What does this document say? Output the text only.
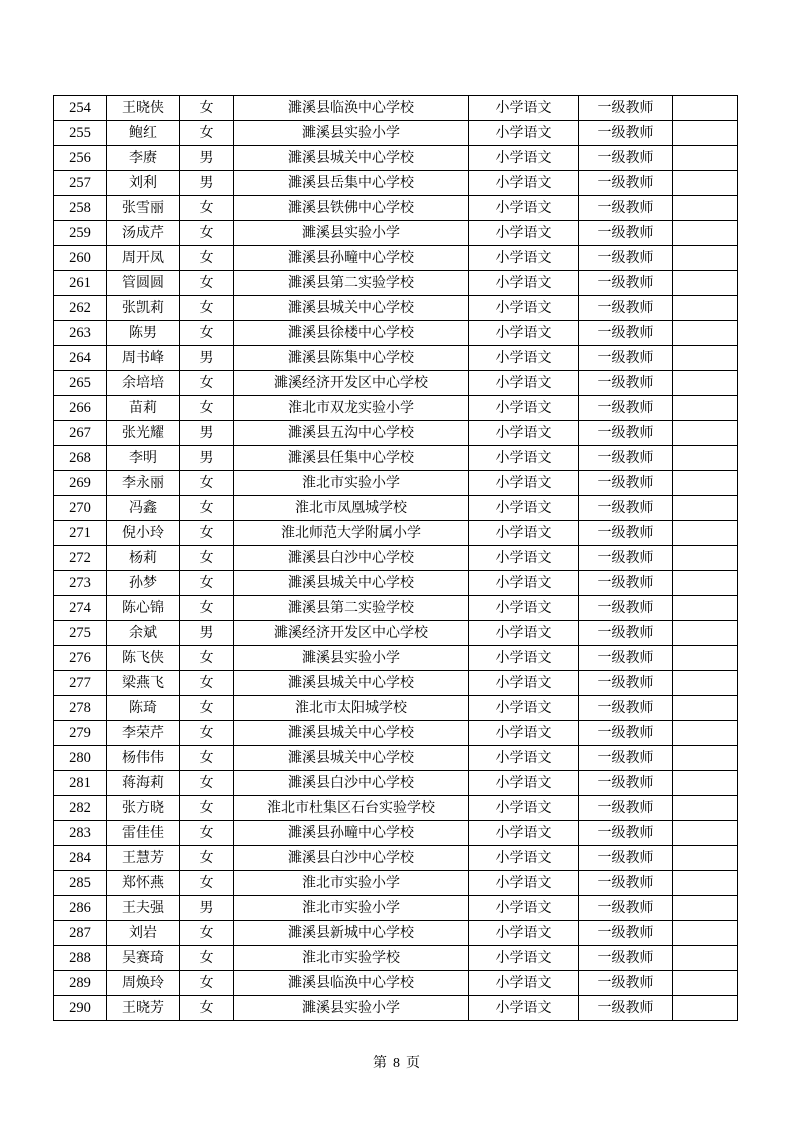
254	王晓侠	女	濉溪县临涣中心学校	小学语文	一级教师	
255	鲍红	女	濉溪县实验小学	小学语文	一级教师	
256	李赓	男	濉溪县城关中心学校	小学语文	一级教师	
257	刘利	男	濉溪县岳集中心学校	小学语文	一级教师	
258	张雪丽	女	濉溪县铁佛中心学校	小学语文	一级教师	
259	汤成芹	女	濉溪县实验小学	小学语文	一级教师	
260	周开凤	女	濉溪县孙疃中心学校	小学语文	一级教师	
261	管圆圆	女	濉溪县第二实验学校	小学语文	一级教师	
262	张凯莉	女	濉溪县城关中心学校	小学语文	一级教师	
263	陈男	女	濉溪县徐楼中心学校	小学语文	一级教师	
264	周书峰	男	濉溪县陈集中心学校	小学语文	一级教师	
265	余培培	女	濉溪经济开发区中心学校	小学语文	一级教师	
266	苗莉	女	淮北市双龙实验小学	小学语文	一级教师	
267	张光耀	男	濉溪县五沟中心学校	小学语文	一级教师	
268	李明	男	濉溪县任集中心学校	小学语文	一级教师	
269	李永丽	女	淮北市实验小学	小学语文	一级教师	
270	冯鑫	女	淮北市凤凰城学校	小学语文	一级教师	
271	倪小玲	女	淮北师范大学附属小学	小学语文	一级教师	
272	杨莉	女	濉溪县白沙中心学校	小学语文	一级教师	
273	孙梦	女	濉溪县城关中心学校	小学语文	一级教师	
274	陈心锦	女	濉溪县第二实验学校	小学语文	一级教师	
275	余斌	男	濉溪经济开发区中心学校	小学语文	一级教师	
276	陈飞侠	女	濉溪县实验小学	小学语文	一级教师	
277	梁燕飞	女	濉溪县城关中心学校	小学语文	一级教师	
278	陈琦	女	淮北市太阳城学校	小学语文	一级教师	
279	李荣芹	女	濉溪县城关中心学校	小学语文	一级教师	
280	杨伟伟	女	濉溪县城关中心学校	小学语文	一级教师	
281	蒋海莉	女	濉溪县白沙中心学校	小学语文	一级教师	
282	张方晓	女	淮北市杜集区石台实验学校	小学语文	一级教师	
283	雷佳佳	女	濉溪县孙疃中心学校	小学语文	一级教师	
284	王慧芳	女	濉溪县白沙中心学校	小学语文	一级教师	
285	郑怀燕	女	淮北市实验小学	小学语文	一级教师	
286	王夫强	男	淮北市实验小学	小学语文	一级教师	
287	刘岩	女	濉溪县新城中心学校	小学语文	一级教师	
288	吴赛琦	女	淮北市实验学校	小学语文	一级教师	
289	周焕玲	女	濉溪县临涣中心学校	小学语文	一级教师	
290	王晓芳	女	濉溪县实验小学	小学语文	一级教师	
第 8 页
